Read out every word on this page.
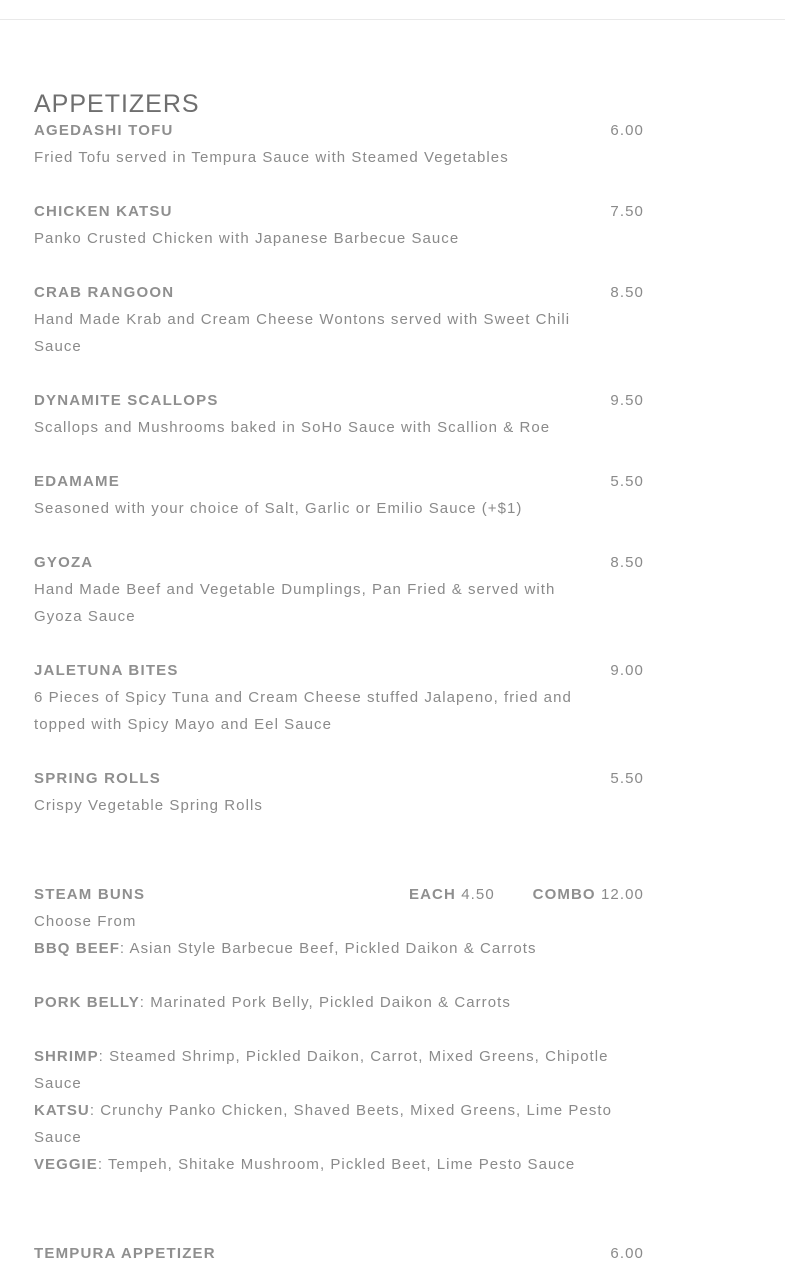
APPETIZERS
AGEDASHI TOFU	6.00
Fried Tofu served in Tempura Sauce with Steamed Vegetables
CHICKEN KATSU	7.50
Panko Crusted Chicken with Japanese Barbecue Sauce
CRAB RANGOON	8.50
Hand Made Krab and Cream Cheese Wontons served with Sweet Chili Sauce
DYNAMITE SCALLOPS	9.50
Scallops and Mushrooms baked in SoHo Sauce with Scallion & Roe
EDAMAME	5.50
Seasoned with your choice of Salt, Garlic or Emilio Sauce (+$1)
GYOZA	8.50
Hand Made Beef and Vegetable Dumplings, Pan Fried & served with Gyoza Sauce
JALETUNA BITES	9.00
6 Pieces of Spicy Tuna and Cream Cheese stuffed Jalapeno, fried and topped with Spicy Mayo and Eel Sauce
SPRING ROLLS	5.50
Crispy Vegetable Spring Rolls
STEAM BUNS	EACH 4.50	COMBO 12.00
Choose From
BBQ BEEF: Asian Style Barbecue Beef, Pickled Daikon & Carrots
PORK BELLY: Marinated Pork Belly, Pickled Daikon & Carrots
SHRIMP: Steamed Shrimp, Pickled Daikon, Carrot, Mixed Greens, Chipotle Sauce
KATSU: Crunchy Panko Chicken, Shaved Beets, Mixed Greens, Lime Pesto Sauce
VEGGIE: Tempeh, Shitake Mushroom, Pickled Beet, Lime Pesto Sauce
TEMPURA APPETIZER	6.00
